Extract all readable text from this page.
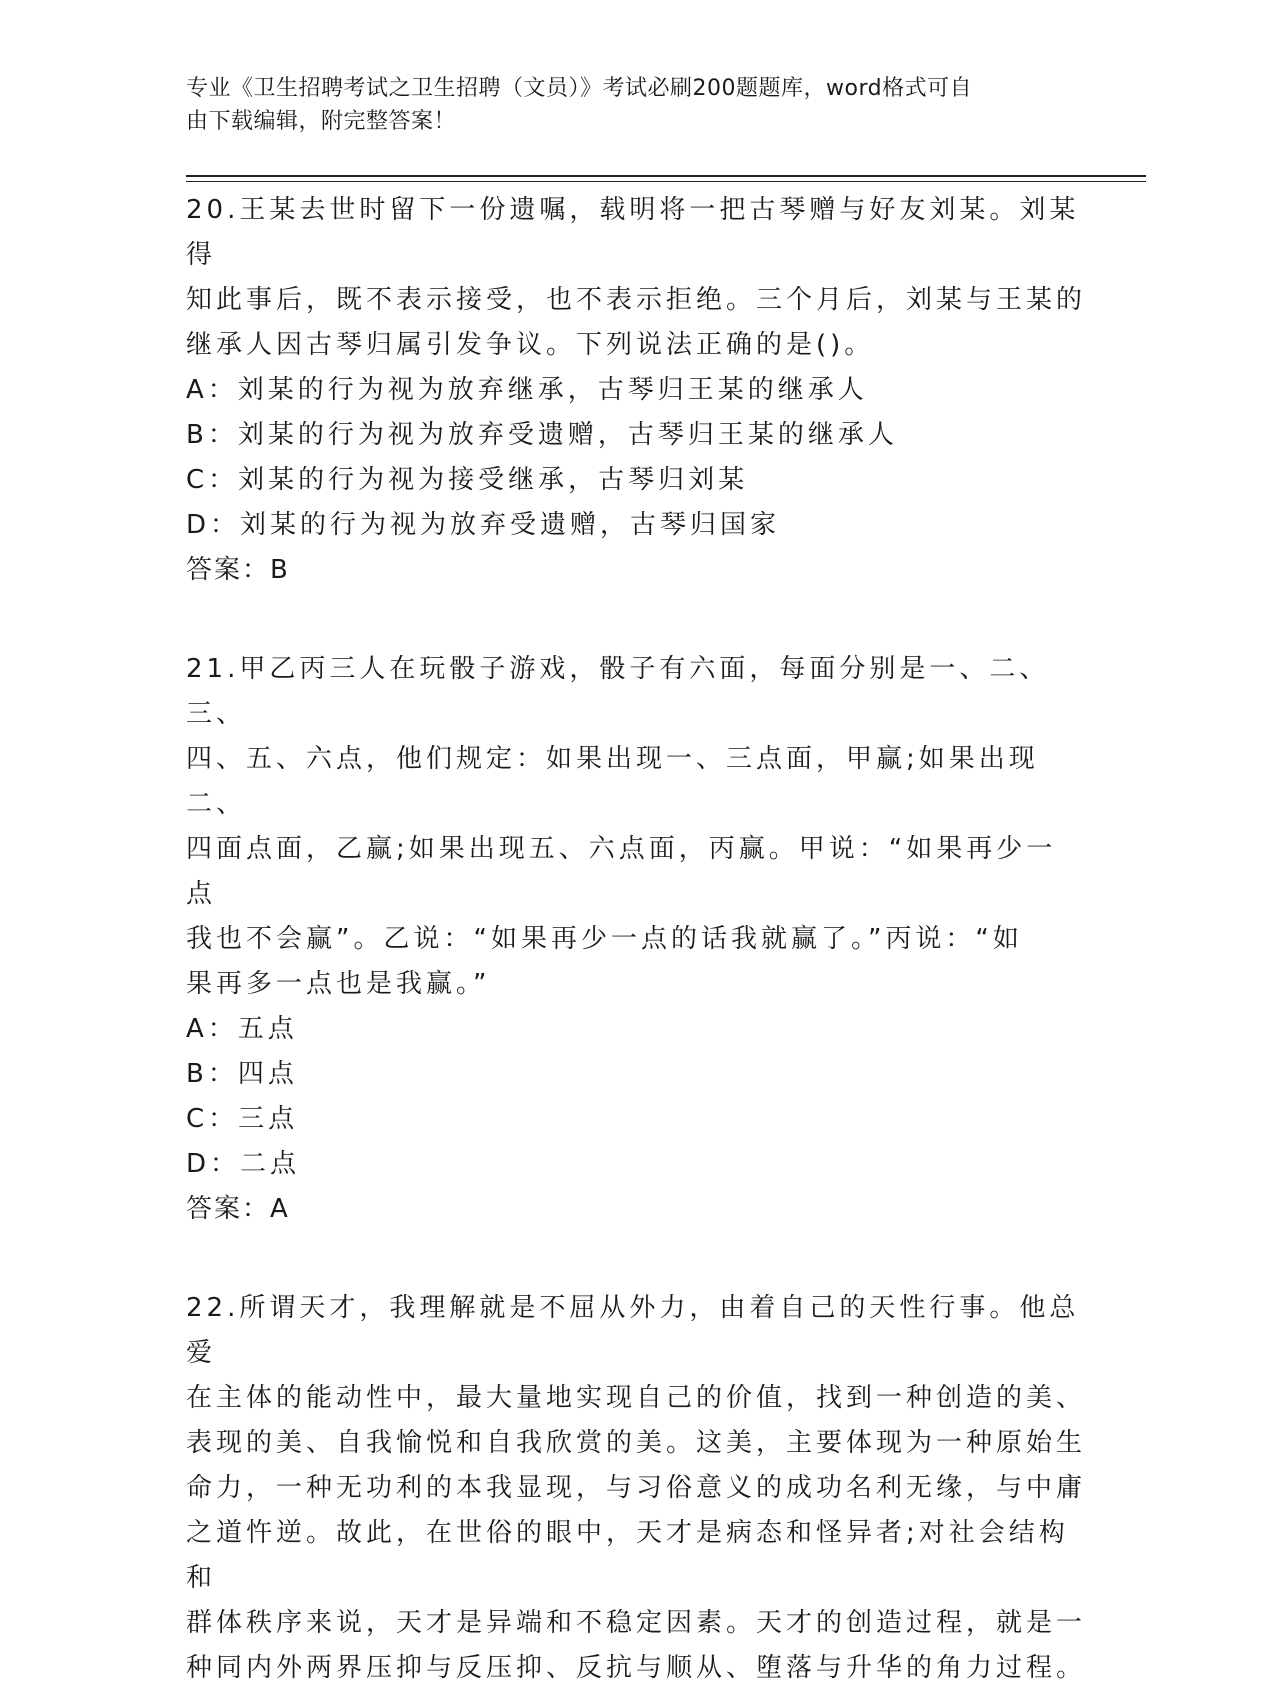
专业《卫生招聘考试之卫生招聘（文员）》考试必刷200题题库，word格式可自
由下载编辑，附完整答案！

20.王某去世时留下一份遗嘱，载明将一把古琴赠与好友刘某。刘某得

知此事后，既不表示接受，也不表示拒绝。三个月后，刘某与王某的

继承人因古琴归属引发争议。下列说法正确的是()。

A：刘某的行为视为放弃继承，古琴归王某的继承人

B：刘某的行为视为放弃受遗赠，古琴归王某的继承人

C：刘某的行为视为接受继承，古琴归刘某

D：刘某的行为视为放弃受遗赠，古琴归国家

答案：B

21.甲乙丙三人在玩骰子游戏，骰子有六面，每面分别是一、二、三、

四、五、六点，他们规定：如果出现一、三点面，甲赢;如果出现二、

四面点面，乙赢;如果出现五、六点面，丙赢。甲说：“如果再少一点

我也不会赢”。乙说：“如果再少一点的话我就赢了。”丙说：“如

果再多一点也是我赢。”

A：五点

B：四点

C：三点

D：二点

答案：A

22.所谓天才，我理解就是不屈从外力，由着自己的天性行事。他总爱

在主体的能动性中，最大量地实现自己的价值，找到一种创造的美、

表现的美、自我愉悦和自我欣赏的美。这美，主要体现为一种原始生

命力，一种无功利的本我显现，与习俗意义的成功名利无缘，与中庸

之道忤逆。故此，在世俗的眼中，天才是病态和怪异者;对社会结构和

群体秩序来说，天才是异端和不稳定因素。天才的创造过程，就是一

种同内外两界压抑与反压抑、反抗与顺从、堕落与升华的角力过程。
